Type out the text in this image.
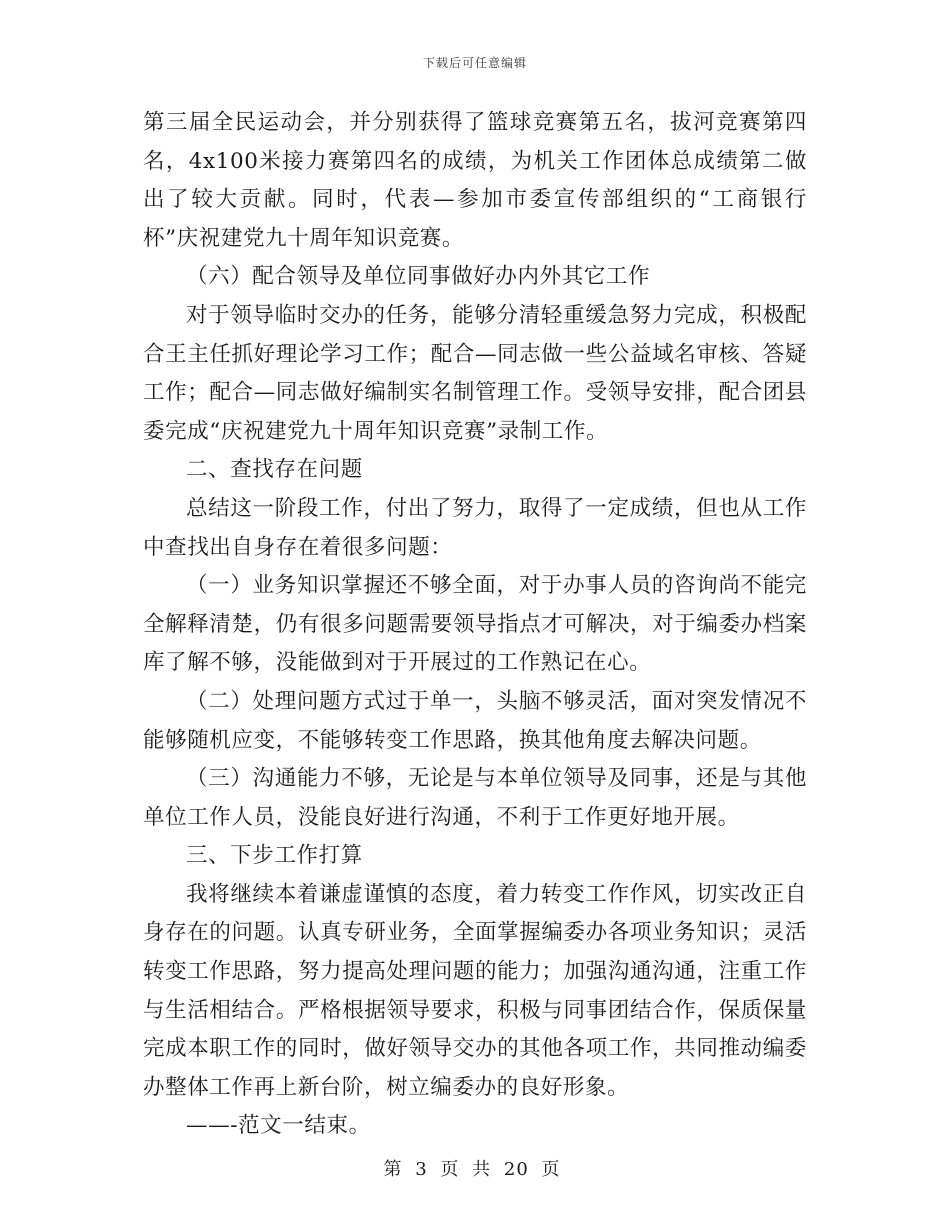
下载后可任意编辑

第三届全民运动会，并分别获得了篮球竞赛第五名，拔河竞赛第四名，4x100米接力赛第四名的成绩，为机关工作团体总成绩第二做出了较大贡献。同时，代表—参加市委宣传部组织的“工商银行杯”庆祝建党九十周年知识竞赛。

（六）配合领导及单位同事做好办内外其它工作

对于领导临时交办的任务，能够分清轻重缓急努力完成，积极配合王主任抓好理论学习工作；配合—同志做一些公益域名审核、答疑工作；配合—同志做好编制实名制管理工作。受领导安排，配合团县委完成“庆祝建党九十周年知识竞赛”录制工作。

二、查找存在问题

总结这一阶段工作，付出了努力，取得了一定成绩，但也从工作中查找出自身存在着很多问题：

（一）业务知识掌握还不够全面，对于办事人员的咨询尚不能完全解释清楚，仍有很多问题需要领导指点才可解决，对于编委办档案库了解不够，没能做到对于开展过的工作熟记在心。

（二）处理问题方式过于单一，头脑不够灵活，面对突发情况不能够随机应变，不能够转变工作思路，换其他角度去解决问题。

（三）沟通能力不够，无论是与本单位领导及同事，还是与其他单位工作人员，没能良好进行沟通，不利于工作更好地开展。

三、下步工作打算

我将继续本着谦虚谨慎的态度，着力转变工作作风，切实改正自身存在的问题。认真专研业务，全面掌握编委办各项业务知识；灵活转变工作思路，努力提高处理问题的能力；加强沟通沟通，注重工作与生活相结合。严格根据领导要求，积极与同事团结合作，保质保量完成本职工作的同时，做好领导交办的其他各项工作，共同推动编委办整体工作再上新台阶，树立编委办的良好形象。

——-范文一结束。

第 3 页 共 20 页
